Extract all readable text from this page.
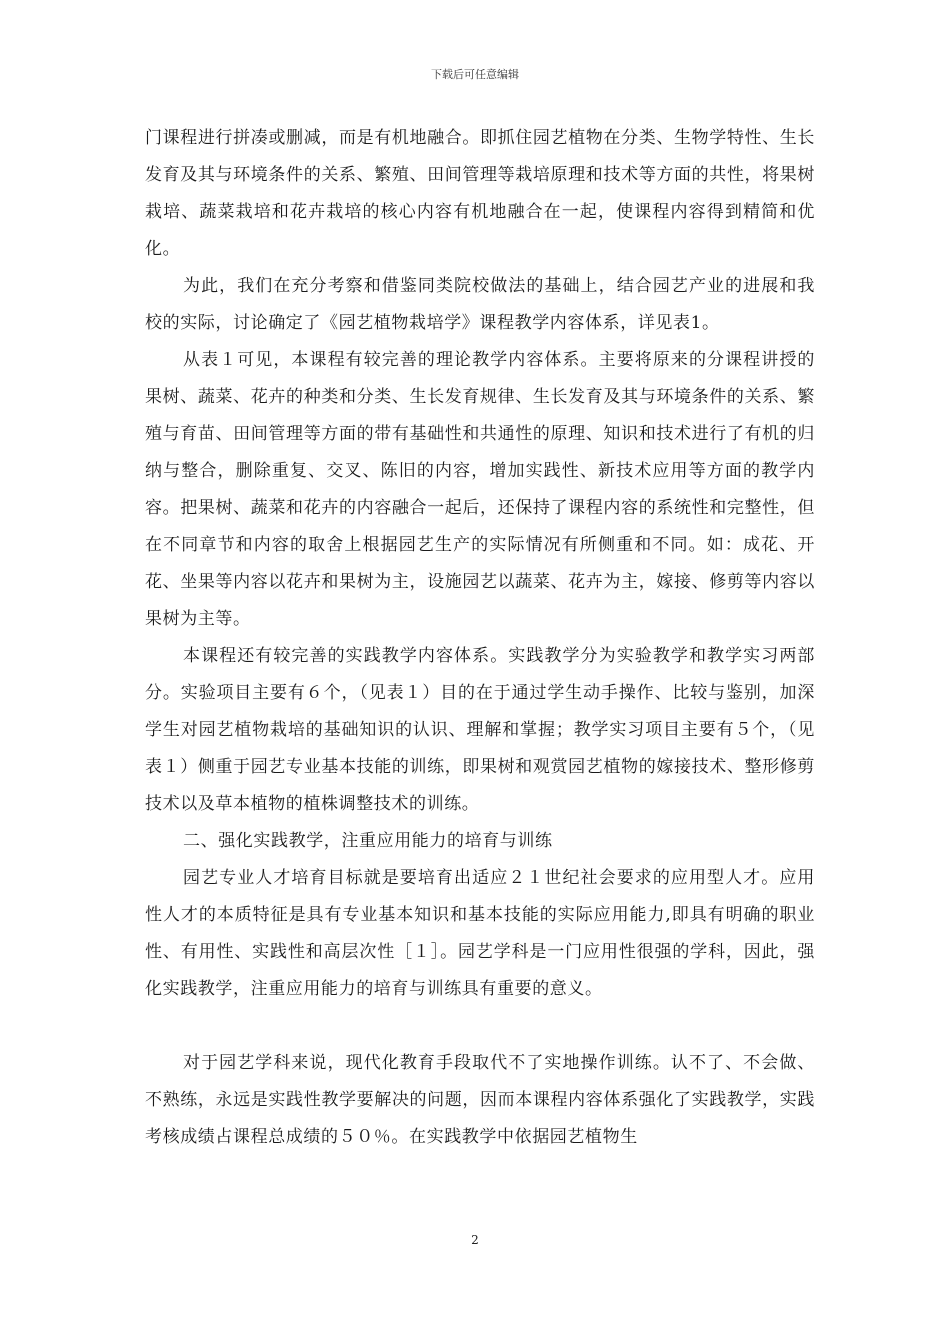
下载后可任意编辑

门课程进行拼凑或删减，而是有机地融合。即抓住园艺植物在分类、生物学特性、生长发育及其与环境条件的关系、繁殖、田间管理等栽培原理和技术等方面的共性，将果树栽培、蔬菜栽培和花卉栽培的核心内容有机地融合在一起，使课程内容得到精简和优化。

为此，我们在充分考察和借鉴同类院校做法的基础上，结合园艺产业的进展和我校的实际，讨论确定了《园艺植物栽培学》课程教学内容体系，详见表1。

从表１可见，本课程有较完善的理论教学内容体系。主要将原来的分课程讲授的果树、蔬菜、花卉的种类和分类、生长发育规律、生长发育及其与环境条件的关系、繁殖与育苗、田间管理等方面的带有基础性和共通性的原理、知识和技术进行了有机的归纳与整合，删除重复、交叉、陈旧的内容，增加实践性、新技术应用等方面的教学内容。把果树、蔬菜和花卉的内容融合一起后，还保持了课程内容的系统性和完整性，但在不同章节和内容的取舍上根据园艺生产的实际情况有所侧重和不同。如：成花、开花、坐果等内容以花卉和果树为主，设施园艺以蔬菜、花卉为主，嫁接、修剪等内容以果树为主等。

本课程还有较完善的实践教学内容体系。实践教学分为实验教学和教学实习两部分。实验项目主要有６个，（见表１）目的在于通过学生动手操作、比较与鉴别，加深学生对园艺植物栽培的基础知识的认识、理解和掌握；教学实习项目主要有５个，（见表１）侧重于园艺专业基本技能的训练，即果树和观赏园艺植物的嫁接技术、整形修剪技术以及草本植物的植株调整技术的训练。

二、强化实践教学，注重应用能力的培育与训练

园艺专业人才培育目标就是要培育出适应２１世纪社会要求的应用型人才。应用性人才的本质特征是具有专业基本知识和基本技能的实际应用能力,即具有明确的职业性、有用性、实践性和高层次性［１］。园艺学科是一门应用性很强的学科，因此，强化实践教学，注重应用能力的培育与训练具有重要的意义。

对于园艺学科来说，现代化教育手段取代不了实地操作训练。认不了、不会做、不熟练，永远是实践性教学要解决的问题，因而本课程内容体系强化了实践教学，实践考核成绩占课程总成绩的５０％。在实践教学中依据园艺植物生

2
